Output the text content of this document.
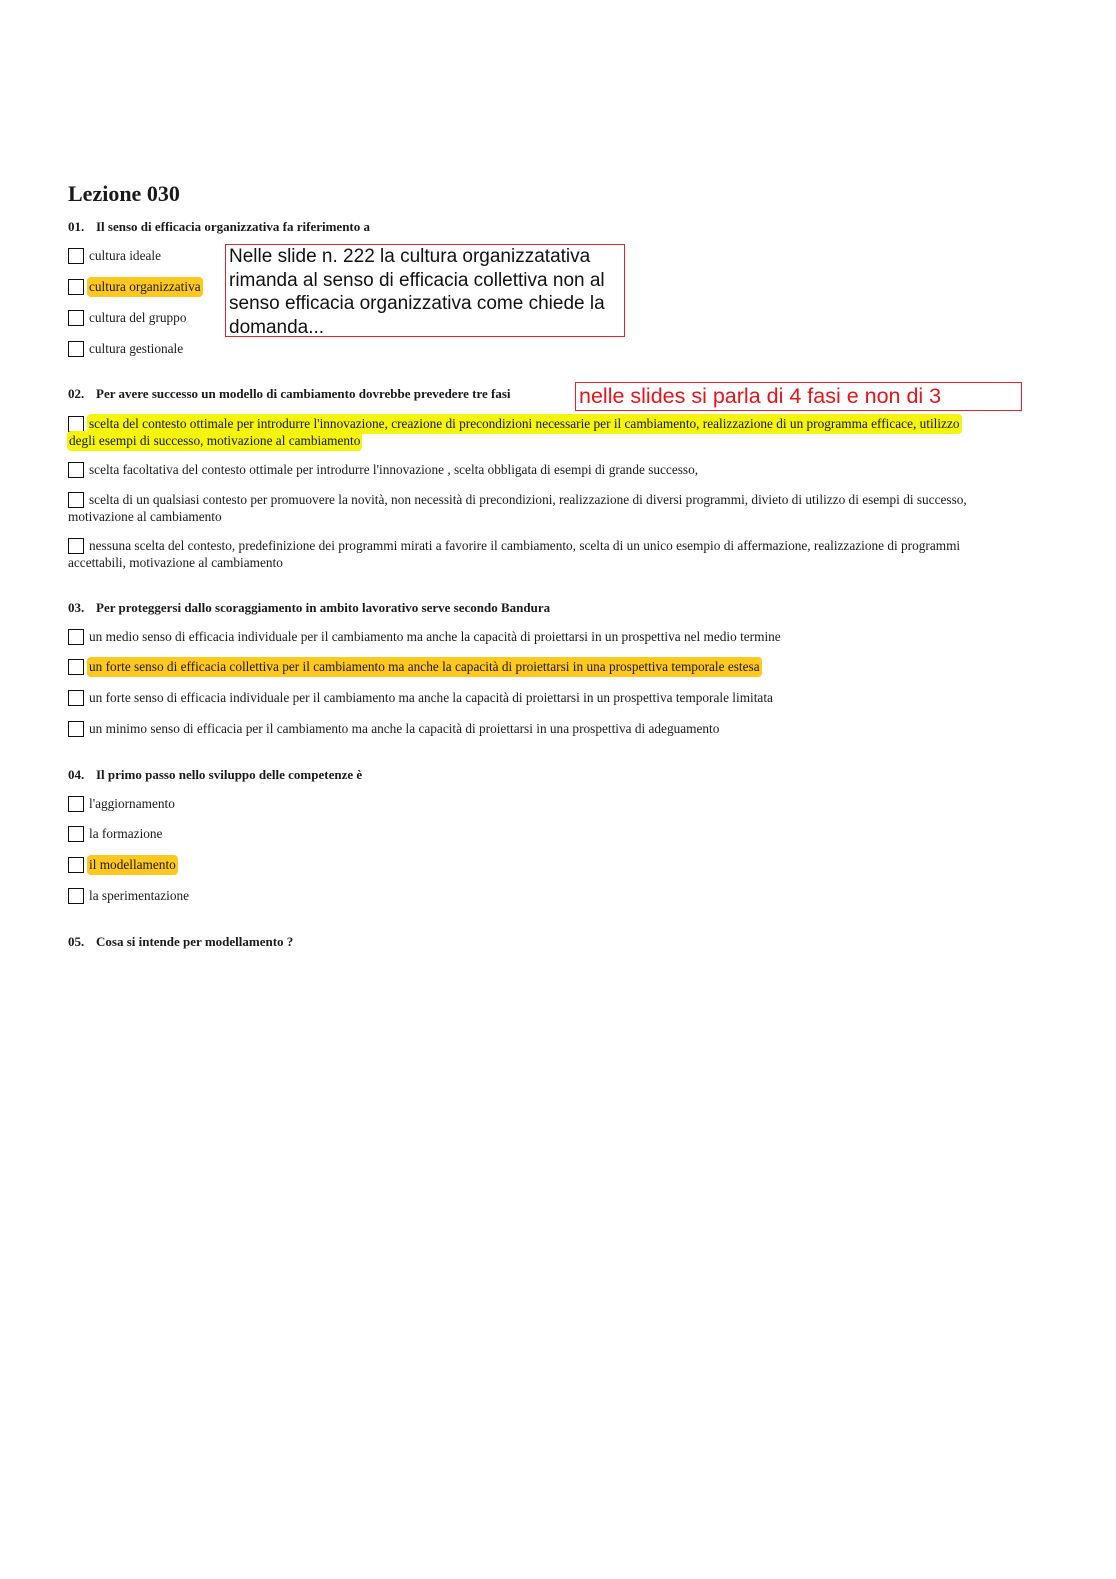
Lezione 030
01. Il senso di efficacia organizzativa fa riferimento a
cultura ideale
cultura organizzativa
cultura del gruppo
cultura gestionale
02. Per avere successo un modello di cambiamento dovrebbe prevedere tre fasi
scelta del contesto ottimale per introdurre l'innovazione, creazione di precondizioni necessarie per il cambiamento, realizzazione di un programma efficace, utilizzo
degli esempi di successo, motivazione al cambiamento
scelta facoltativa del contesto ottimale per introdurre l'innovazione , scelta obbligata di esempi di grande successo,
scelta di un qualsiasi contesto per promuovere la novità, non necessità di precondizioni, realizzazione di diversi programmi, divieto di utilizzo di esempi di successo,
motivazione al cambiamento
nessuna scelta del contesto, predefinizione dei programmi mirati a favorire il cambiamento, scelta di un unico esempio di affermazione, realizzazione di programmi
accettabili, motivazione al cambiamento
03. Per proteggersi dallo scoraggiamento in ambito lavorativo serve secondo Bandura
un medio senso di efficacia individuale per il cambiamento ma anche la capacità di proiettarsi in un prospettiva nel medio termine
un forte senso di efficacia collettiva per il cambiamento ma anche la capacità di proiettarsi in una prospettiva temporale estesa
un forte senso di efficacia individuale per il cambiamento ma anche la capacità di proiettarsi in un prospettiva temporale limitata
un minimo senso di efficacia per il cambiamento ma anche la capacità di proiettarsi in una prospettiva di adeguamento
04. Il primo passo nello sviluppo delle competenze è
l'aggiornamento
la formazione
il modellamento
la sperimentazione
05. Cosa si intende per modellamento ?
Nelle slide n. 222 la cultura organizzatativa rimanda al senso di efficacia collettiva non al senso efficacia organizzativa come chiede la domanda...
nelle slides si parla di 4 fasi e non di 3
